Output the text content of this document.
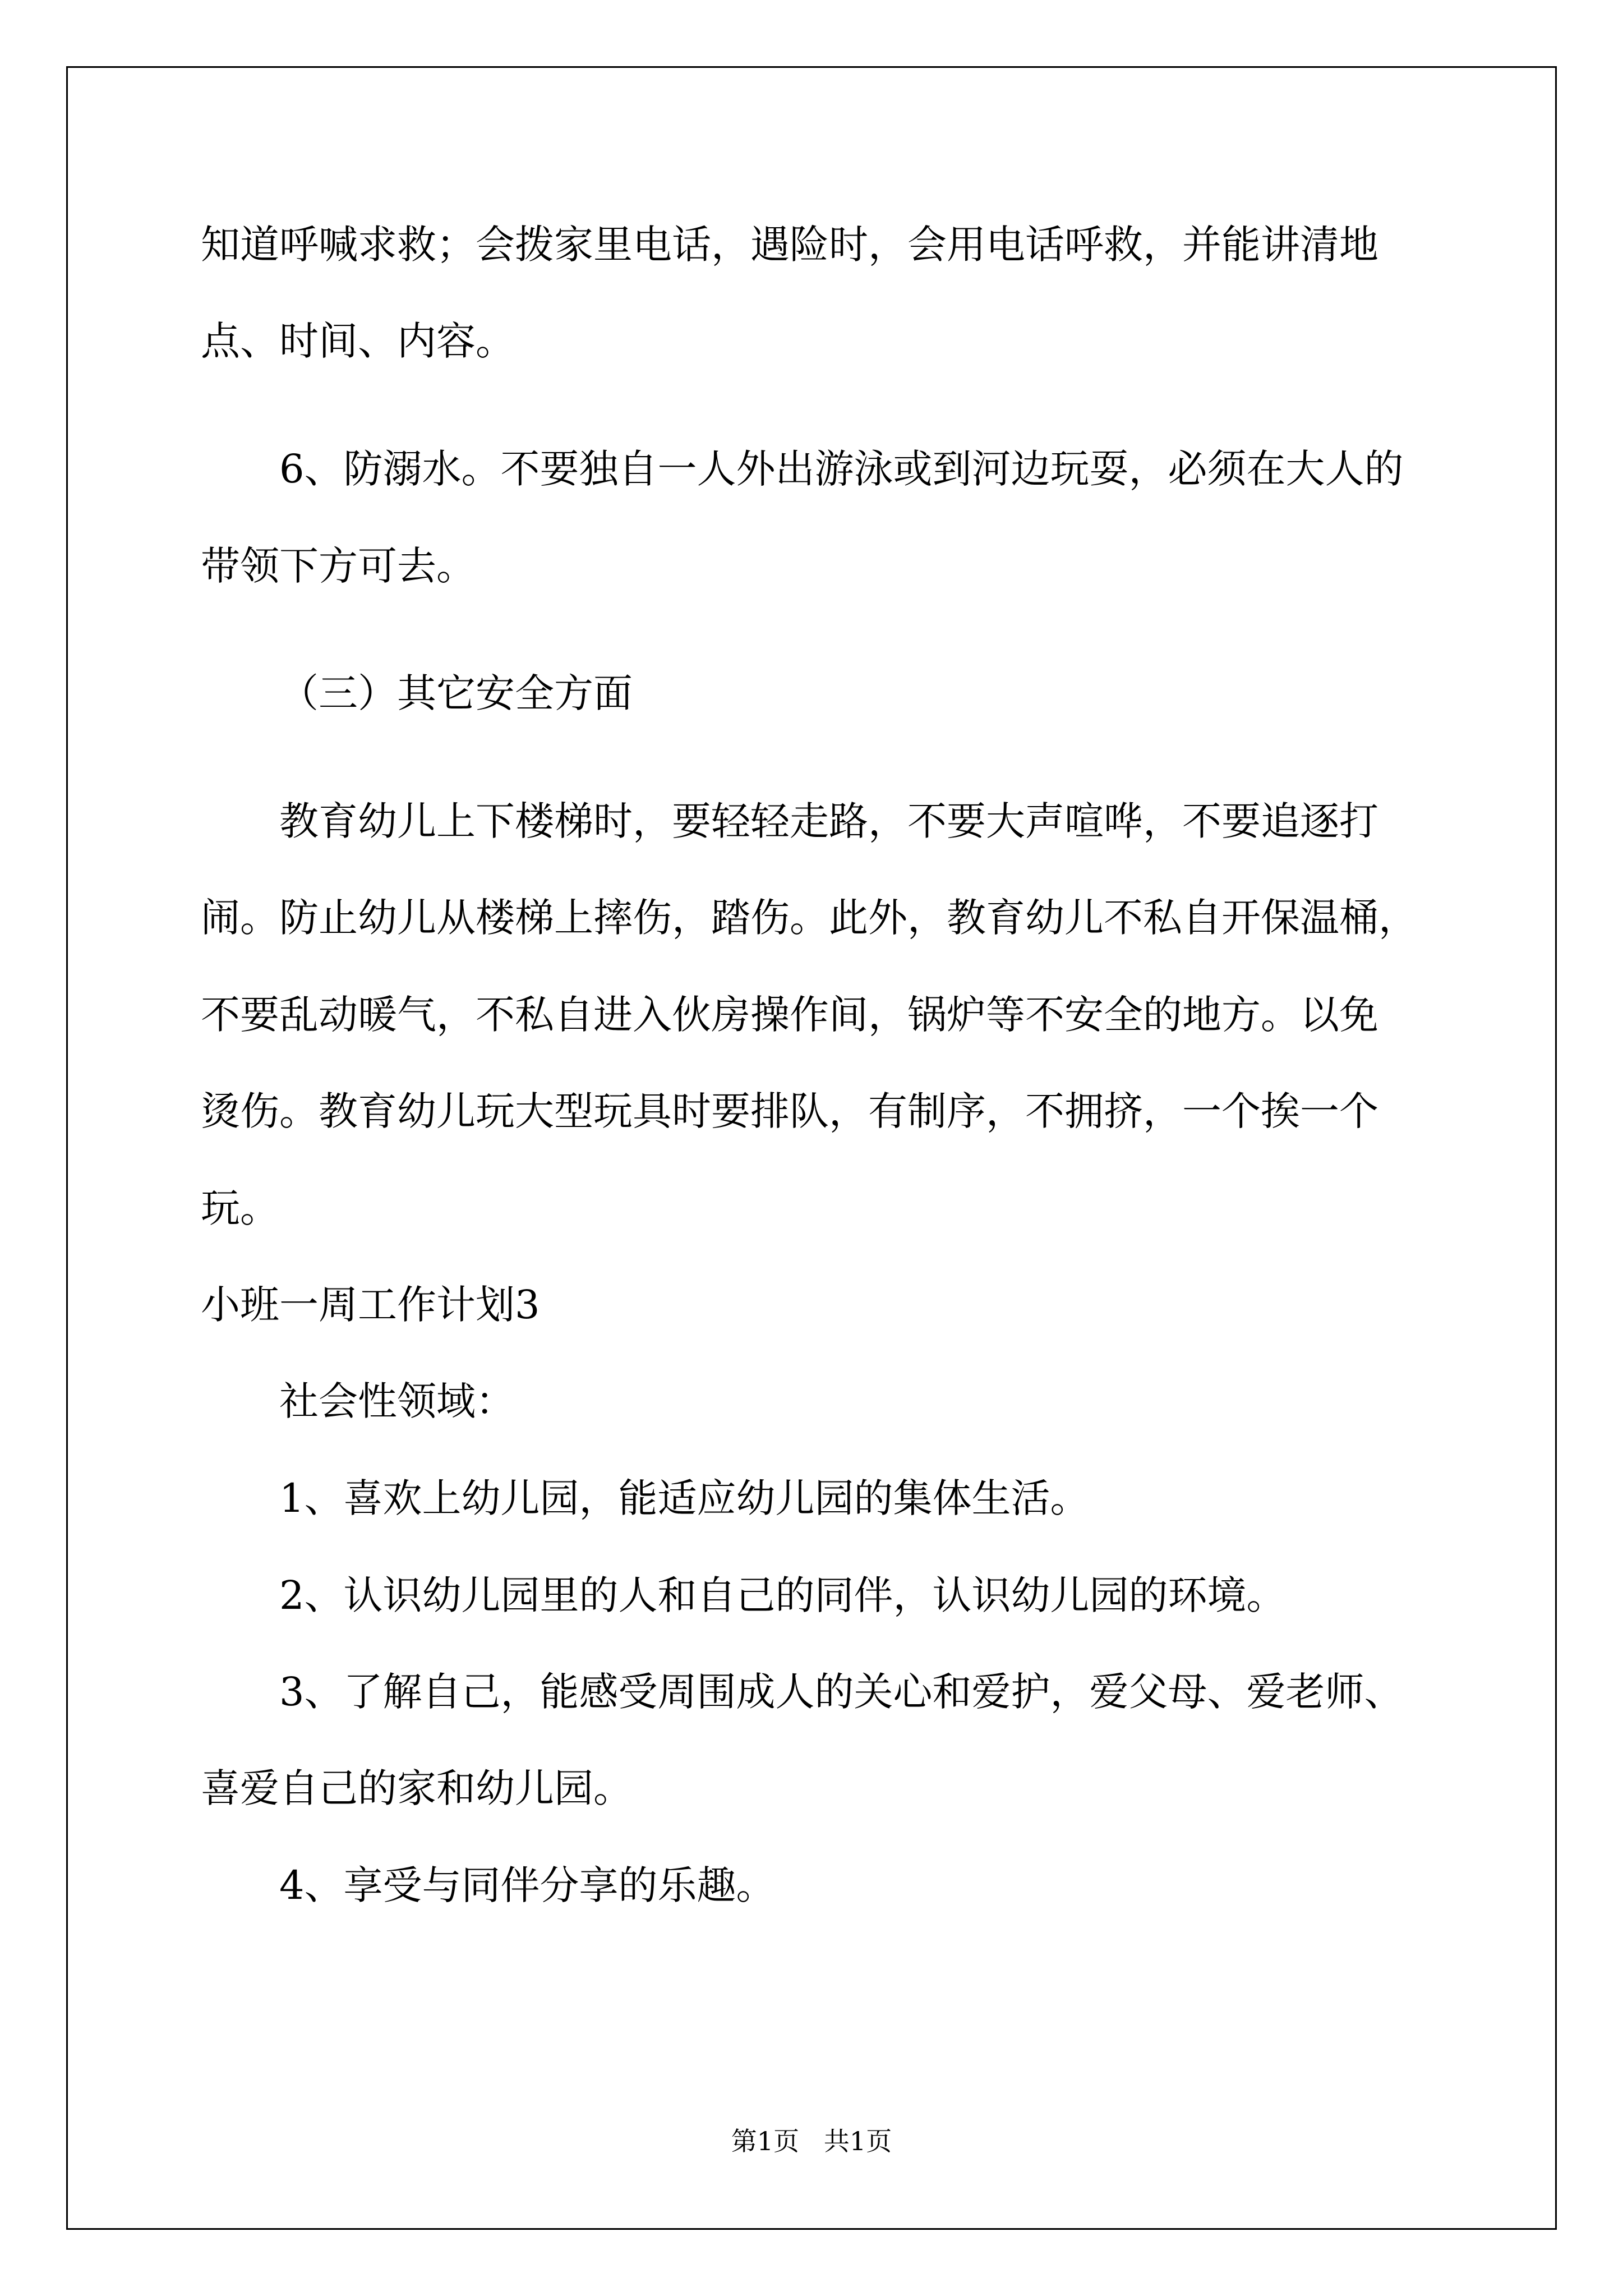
知道呼喊求救；会拨家里电话，遇险时，会用电话呼救，并能讲清地
点、时间、内容。
6、防溺水。不要独自一人外出游泳或到河边玩耍，必须在大人的
带领下方可去。
（三）其它安全方面
教育幼儿上下楼梯时，要轻轻走路，不要大声喧哗，不要追逐打
闹。防止幼儿从楼梯上摔伤，踏伤。此外，教育幼儿不私自开保温桶，
不要乱动暖气，不私自进入伙房操作间，锅炉等不安全的地方。以免
烫伤。教育幼儿玩大型玩具时要排队，有制序，不拥挤，一个挨一个
玩。
小班一周工作计划3
社会性领域：
1、喜欢上幼儿园，能适应幼儿园的集体生活。
2、认识幼儿园里的人和自己的同伴，认识幼儿园的环境。
3、了解自己，能感受周围成人的关心和爱护，爱父母、爱老师、
喜爱自己的家和幼儿园。
4、享受与同伴分享的乐趣。
第1页   共1页
